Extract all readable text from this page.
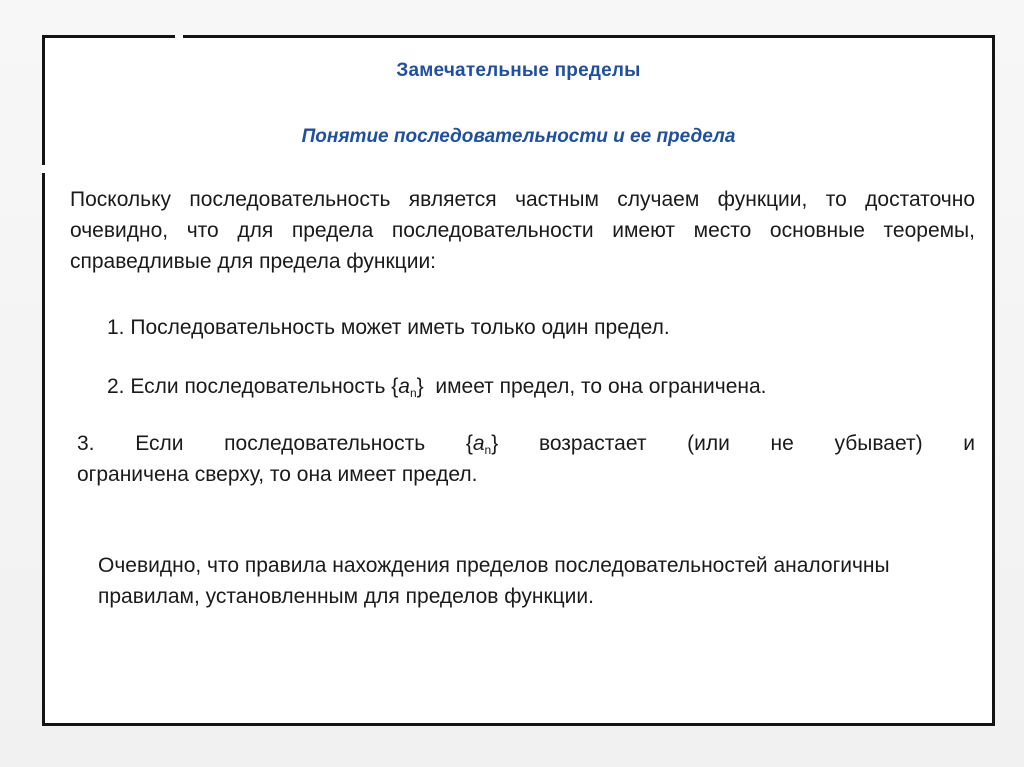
Замечательные пределы
Понятие последовательности и ее предела
Поскольку последовательность является частным случаем функции, то достаточно очевидно, что для предела последовательности имеют место основные теоремы, справедливые для предела функции:
1. Последовательность может иметь только один предел.
2. Если последовательность $\{a_n\}$  имеет предел, то она ограничена.
3. Если последовательность $\{a_n\}$ возрастает (или не убывает) и
ограничена сверху, то она имеет предел.
Очевидно, что правила нахождения пределов последовательностей аналогичны правилам, установленным для пределов функции.
